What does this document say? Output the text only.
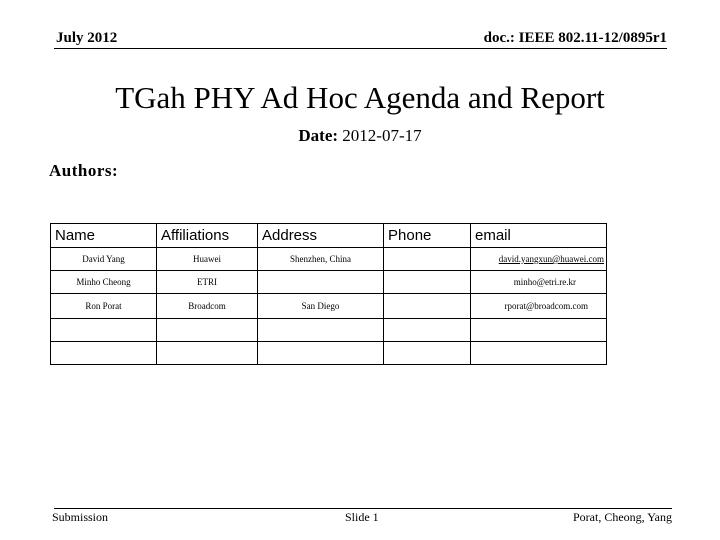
July 2012	doc.: IEEE 802.11-12/0895r1
TGah PHY Ad Hoc Agenda and Report
Date: 2012-07-17
Authors:
Name	Affiliations	Address	Phone	email
David Yang	Huawei	Shenzhen, China		david.yangxun@huawei.com
Minho Cheong	ETRI			minho@etri.re.kr
Ron Porat	Broadcom	San Diego		rporat@broadcom.com

Submission	Slide 1	Porat, Cheong, Yang
